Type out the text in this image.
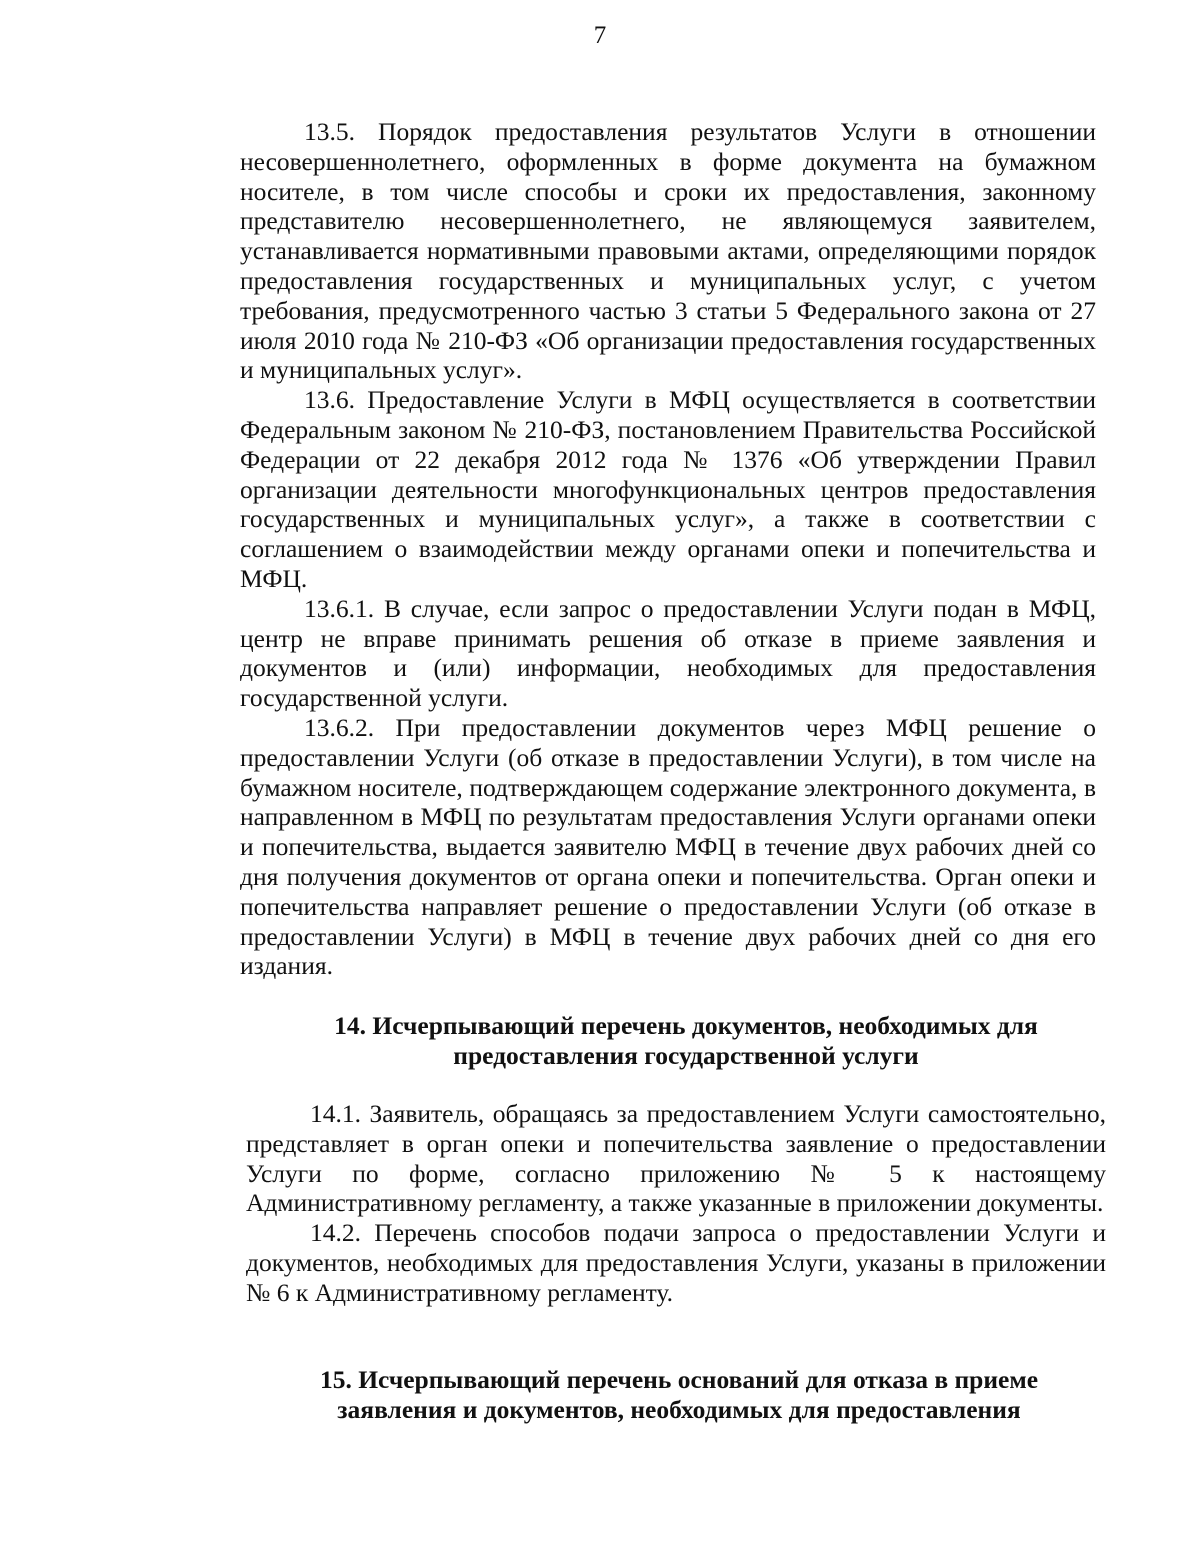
7

13.5. Порядок предоставления результатов Услуги в отношении несовершеннолетнего, оформленных в форме документа на бумажном носителе, в том числе способы и сроки их предоставления, законному представителю несовершеннолетнего, не являющемуся заявителем, устанавливается нормативными правовыми актами, определяющими порядок предоставления государственных и муниципальных услуг, с учетом требования, предусмотренного частью 3 статьи 5 Федерального закона от 27 июля 2010 года № 210-ФЗ «Об организации предоставления государственных и муниципальных услуг».

13.6. Предоставление Услуги в МФЦ осуществляется в соответствии Федеральным законом № 210-ФЗ, постановлением Правительства Российской Федерации от 22 декабря 2012 года № 1376 «Об утверждении Правил организации деятельности многофункциональных центров предоставления государственных и муниципальных услуг», а также в соответствии с соглашением о взаимодействии между органами опеки и попечительства и МФЦ.

13.6.1. В случае, если запрос о предоставлении Услуги подан в МФЦ, центр не вправе принимать решения об отказе в приеме заявления и документов и (или) информации, необходимых для предоставления государственной услуги.

13.6.2. При предоставлении документов через МФЦ решение о предоставлении Услуги (об отказе в предоставлении Услуги), в том числе на бумажном носителе, подтверждающем содержание электронного документа, в направленном в МФЦ по результатам предоставления Услуги органами опеки и попечительства, выдается заявителю МФЦ в течение двух рабочих дней со дня получения документов от органа опеки и попечительства. Орган опеки и попечительства направляет решение о предоставлении Услуги (об отказе в предоставлении Услуги) в МФЦ в течение двух рабочих дней со дня его издания.

14. Исчерпывающий перечень документов, необходимых для
предоставления государственной услуги

14.1. Заявитель, обращаясь за предоставлением Услуги самостоятельно, представляет в орган опеки и попечительства заявление о предоставлении Услуги по форме, согласно приложению № 5 к настоящему Административному регламенту, а также указанные в приложении документы.

14.2. Перечень способов подачи запроса о предоставлении Услуги и документов, необходимых для предоставления Услуги, указаны в приложении № 6 к Административному регламенту.

15. Исчерпывающий перечень оснований для отказа в приеме
заявления и документов, необходимых для предоставления
